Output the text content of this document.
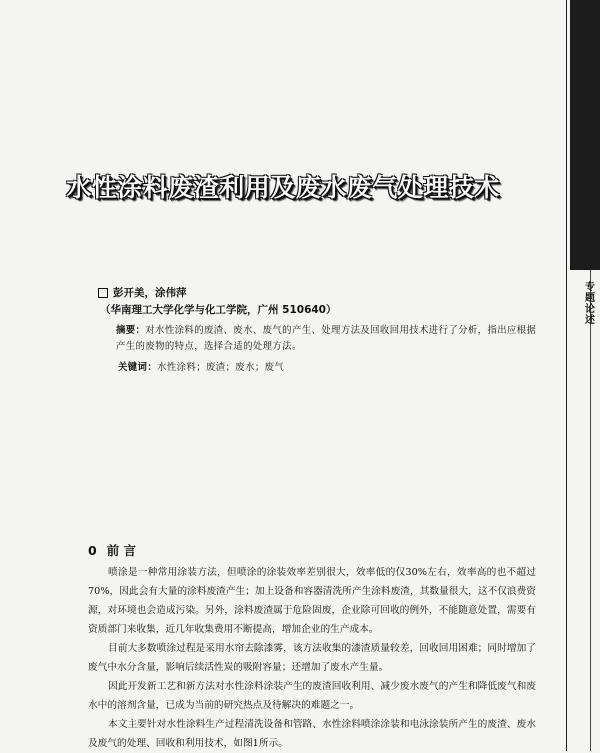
专题论述
水性涂料废渣利用及废水废气处理技术
彭开美，涂伟萍
（华南理工大学化学与化工学院，广州 510640）
摘要：对水性涂料的废渣、废水、废气的产生、处理方法及回收回用技术进行了分析，指出应根据产生的废物的特点，选择合适的处理方法。
关键词：水性涂料；废渣；废水；废气
0 前 言

喷涂是一种常用涂装方法，但喷涂的涂装效率差别很大，效率低的仅30%左右，效率高的也不超过70%，因此会有大量的涂料废渣产生；加上设备和容器清洗所产生涂料废渣，其数量很大，这不仅浪费资源，对环境也会造成污染。另外，涂料废渣属于危险固废，企业除可回收的例外，不能随意处置，需要有资质部门来收集，近几年收集费用不断提高，增加企业的生产成本。

目前大多数喷涂过程是采用水帘去除漆雾，该方法收集的漆渣质量较差，回收回用困难；同时增加了废气中水分含量，影响后续活性炭的吸附容量；还增加了废水产生量。

因此开发新工艺和新方法对水性涂料涂装产生的废渣回收利用、减少废水废气的产生和降低废气和废水中的溶剂含量，已成为当前的研究热点及待解决的难题之一。

本文主要针对水性涂料生产过程清洗设备和管路、水性涂料喷涂涂装和电泳涂装所产生的废渣、废水及废气的处理、回收和利用技术，如图1所示。
